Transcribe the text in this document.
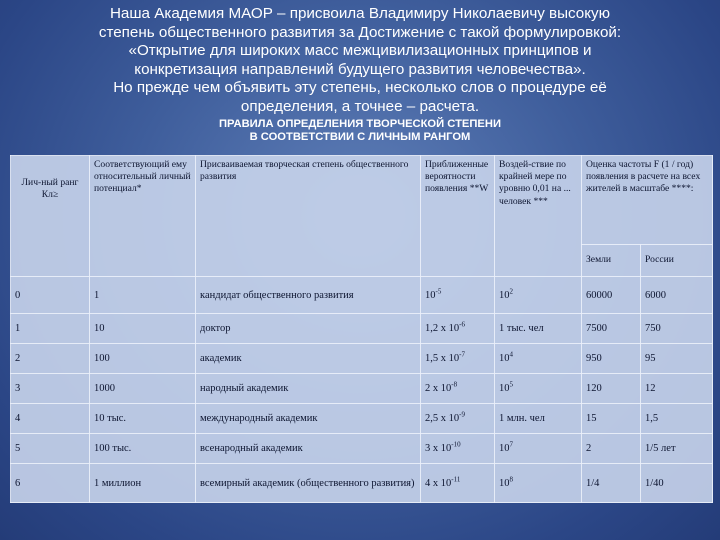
Наша Академия МАОР – присвоила Владимиру Николаевичу высокую
степень общественного развития за Достижение с такой формулировкой:
«Открытие для широких масс межцивилизационных принципов и
конкретизация направлений будущего развития человечества».
Но прежде чем объявить эту степень, несколько слов о процедуре её
определения, а точнее – расчета.
ПРАВИЛА ОПРЕДЕЛЕНИЯ ТВОРЧЕСКОЙ СТЕПЕНИ
В СООТВЕТСТВИИ С ЛИЧНЫМ РАНГОМ
Лич-ный ранг Кл≥	Соответствующий ему относительный личный потенциал*	Присваиваемая творческая степень общественного развития	Приближенные вероятности появления **W	Воздей-ствие по крайней мере по уровню 0,01 на ... человек ***	Оценка частоты F (1 / год) появления в расчете на всех жителей в масштабе ****:	
					Земли	России
0	1	кандидат общественного развития	$10^{-5}$	$10^2$	60000	6000
1	10	доктор	1,2 х $10^{-6}$	1 тыс. чел	7500	750
2	100	академик	1,5 х $10^{-7}$	$10^4$	950	95
3	1000	народный академик	2 х $10^{-8}$	$10^5$	120	12
4	10 тыс.	международный академик	2,5 х $10^{-9}$	1 млн. чел	15	1,5
5	100 тыс.	всенародный академик	3 х $10^{-10}$	$10^7$	2	1/5 лет
6	1 миллион	всемирный академик (общественного развития)	4 х $10^{-11}$	$10^8$	1/4	1/40
